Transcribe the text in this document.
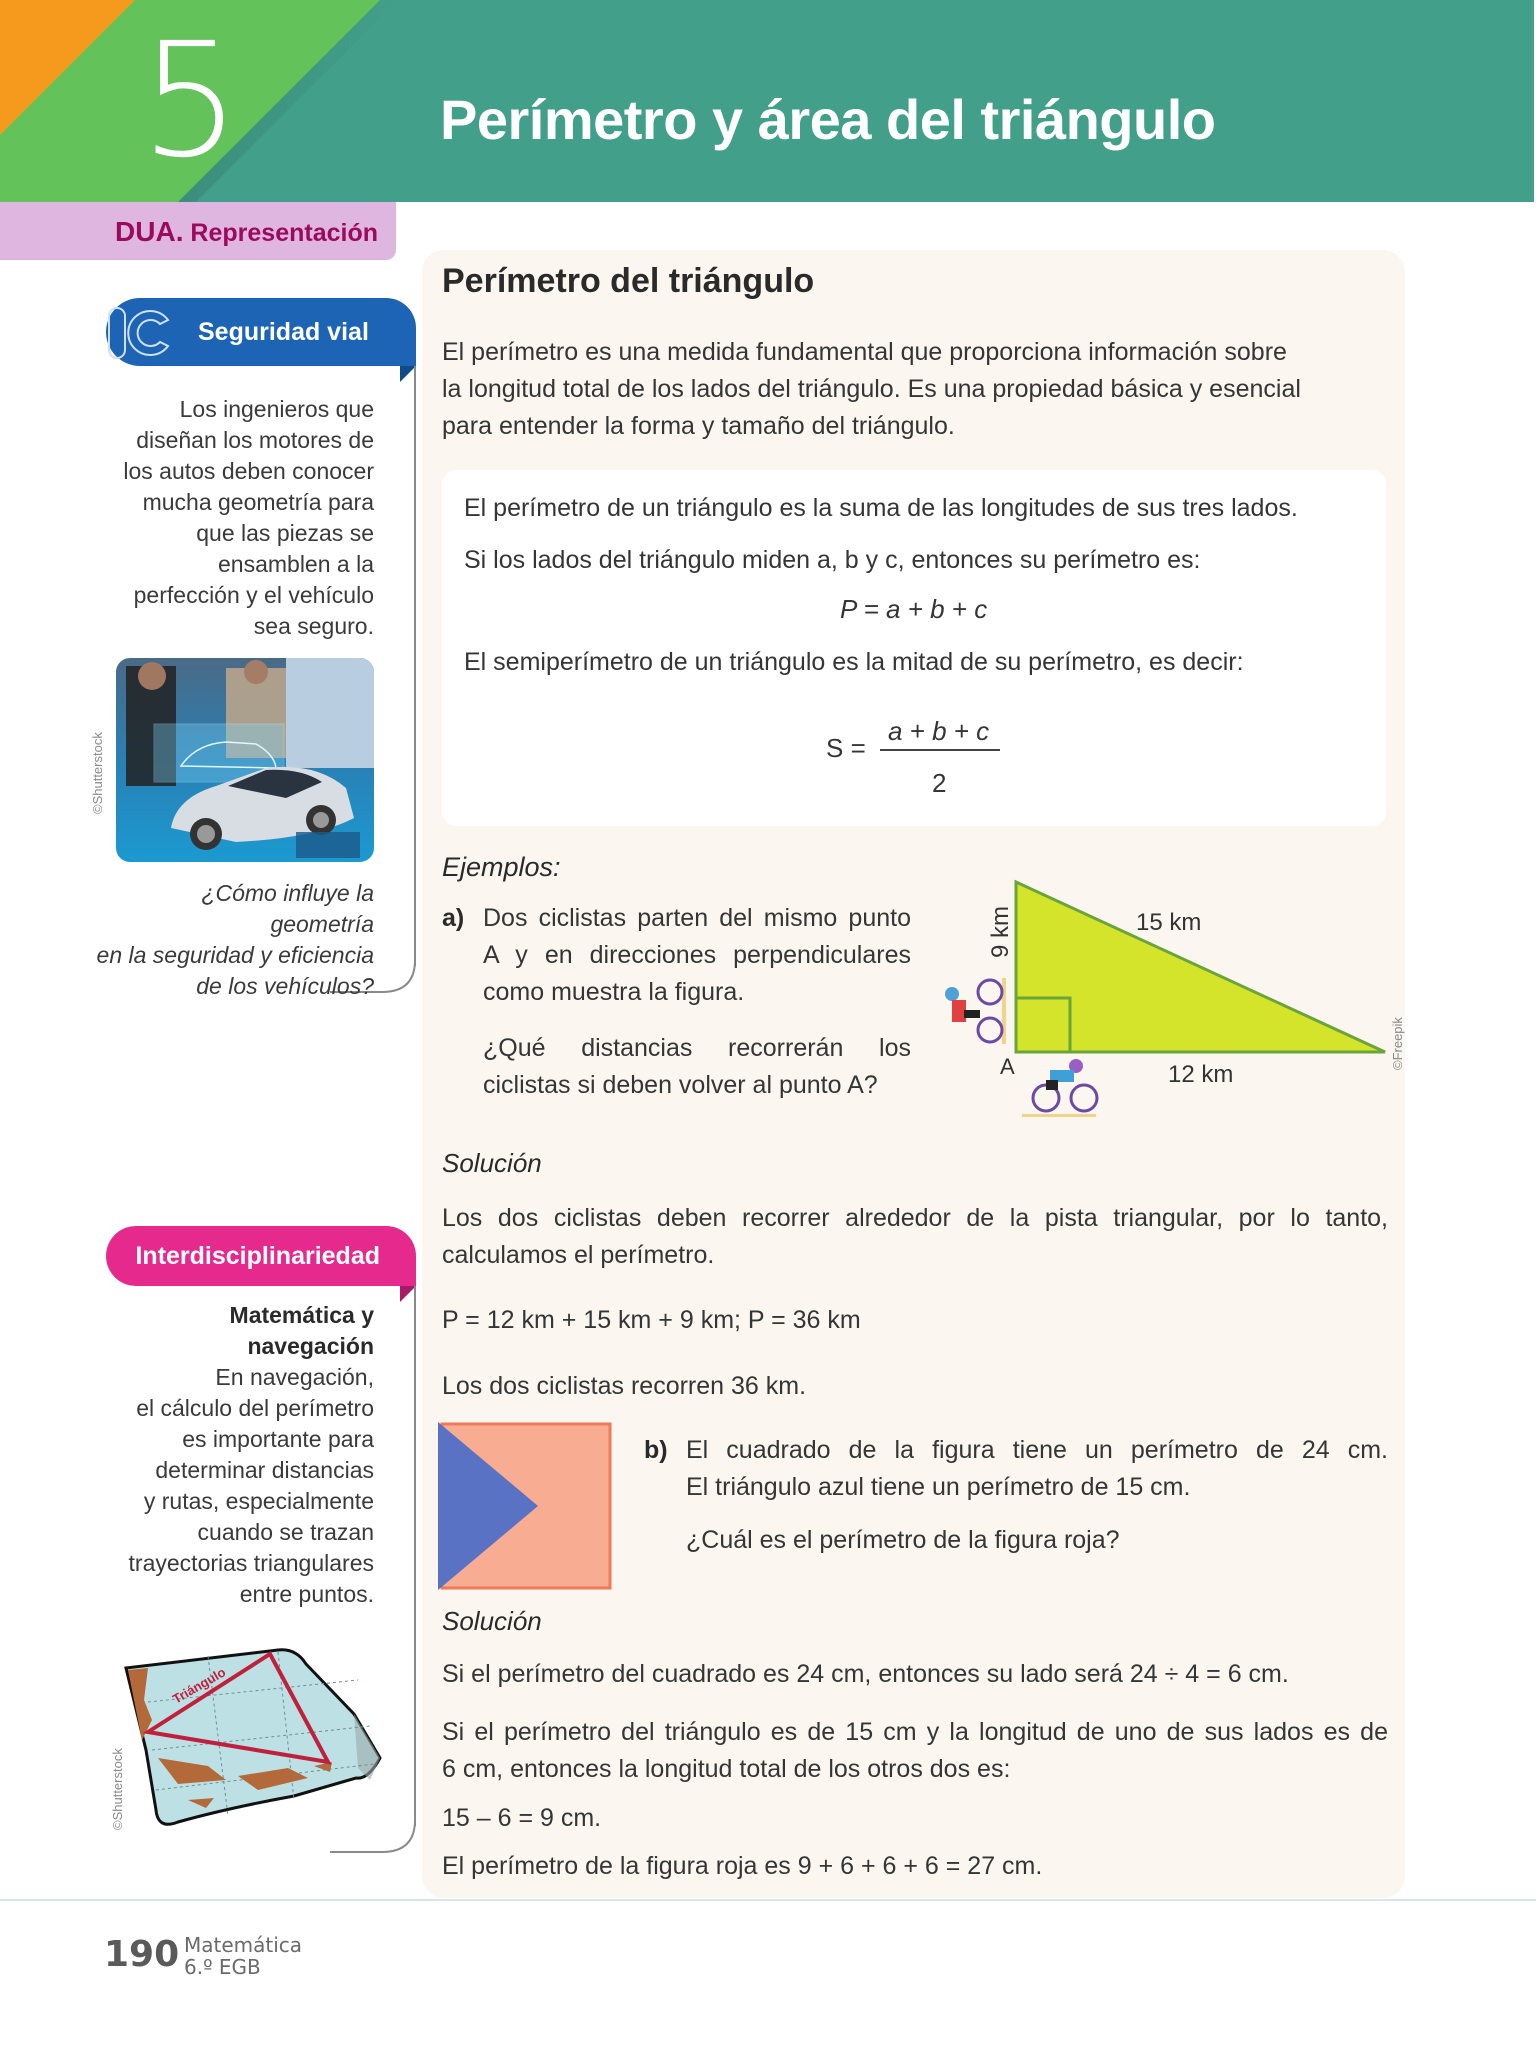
5	Perímetro y área del triángulo
DUA. Representación
Seguridad vial
Los ingenieros que
diseñan los motores de
los autos deben conocer
mucha geometría para
que las piezas se
ensamblen a la
perfección y el vehículo
sea seguro.
©Shutterstock
¿Cómo influye la geometría
en la seguridad y eficiencia
de los vehículos?
Interdisciplinariedad
Matemática y
navegación
En navegación,
el cálculo del perímetro
es importante para
determinar distancias
y rutas, especialmente
cuando se trazan
trayectorias triangulares
entre puntos.
Triángulo
©Shutterstock
Perímetro del triángulo
El perímetro es una medida fundamental que proporciona información sobre
la longitud total de los lados del triángulo. Es una propiedad básica y esencial
para entender la forma y tamaño del triángulo.
El perímetro de un triángulo es la suma de las longitudes de sus tres lados.
Si los lados del triángulo miden a, b y c, entonces su perímetro es:
P = a + b + c
El semiperímetro de un triángulo es la mitad de su perímetro, es decir:
S =
a + b + c
2
Ejemplos:
a) Dos ciclistas parten del mismo punto
A y en direcciones perpendiculares
como muestra la figura.
¿Qué distancias recorrerán los
ciclistas si deben volver al punto A?
9 km	15 km
12 km
A	©Freepik
Solución
Los dos ciclistas deben recorrer alrededor de la pista triangular, por lo tanto,
calculamos el perímetro.
P = 12 km + 15 km + 9 km; P = 36 km
Los dos ciclistas recorren 36 km.
b) El cuadrado de la figura tiene un perímetro de 24 cm.
El triángulo azul tiene un perímetro de 15 cm.
¿Cuál es el perímetro de la figura roja?
Solución
Si el perímetro del cuadrado es 24 cm, entonces su lado será 24 ÷ 4 = 6 cm.
Si el perímetro del triángulo es de 15 cm y la longitud de uno de sus lados es de
6 cm, entonces la longitud total de los otros dos es:
15 – 6 = 9 cm.
El perímetro de la figura roja es 9 + 6 + 6 + 6 = 27 cm.
190 Matemática
6.º EGB
